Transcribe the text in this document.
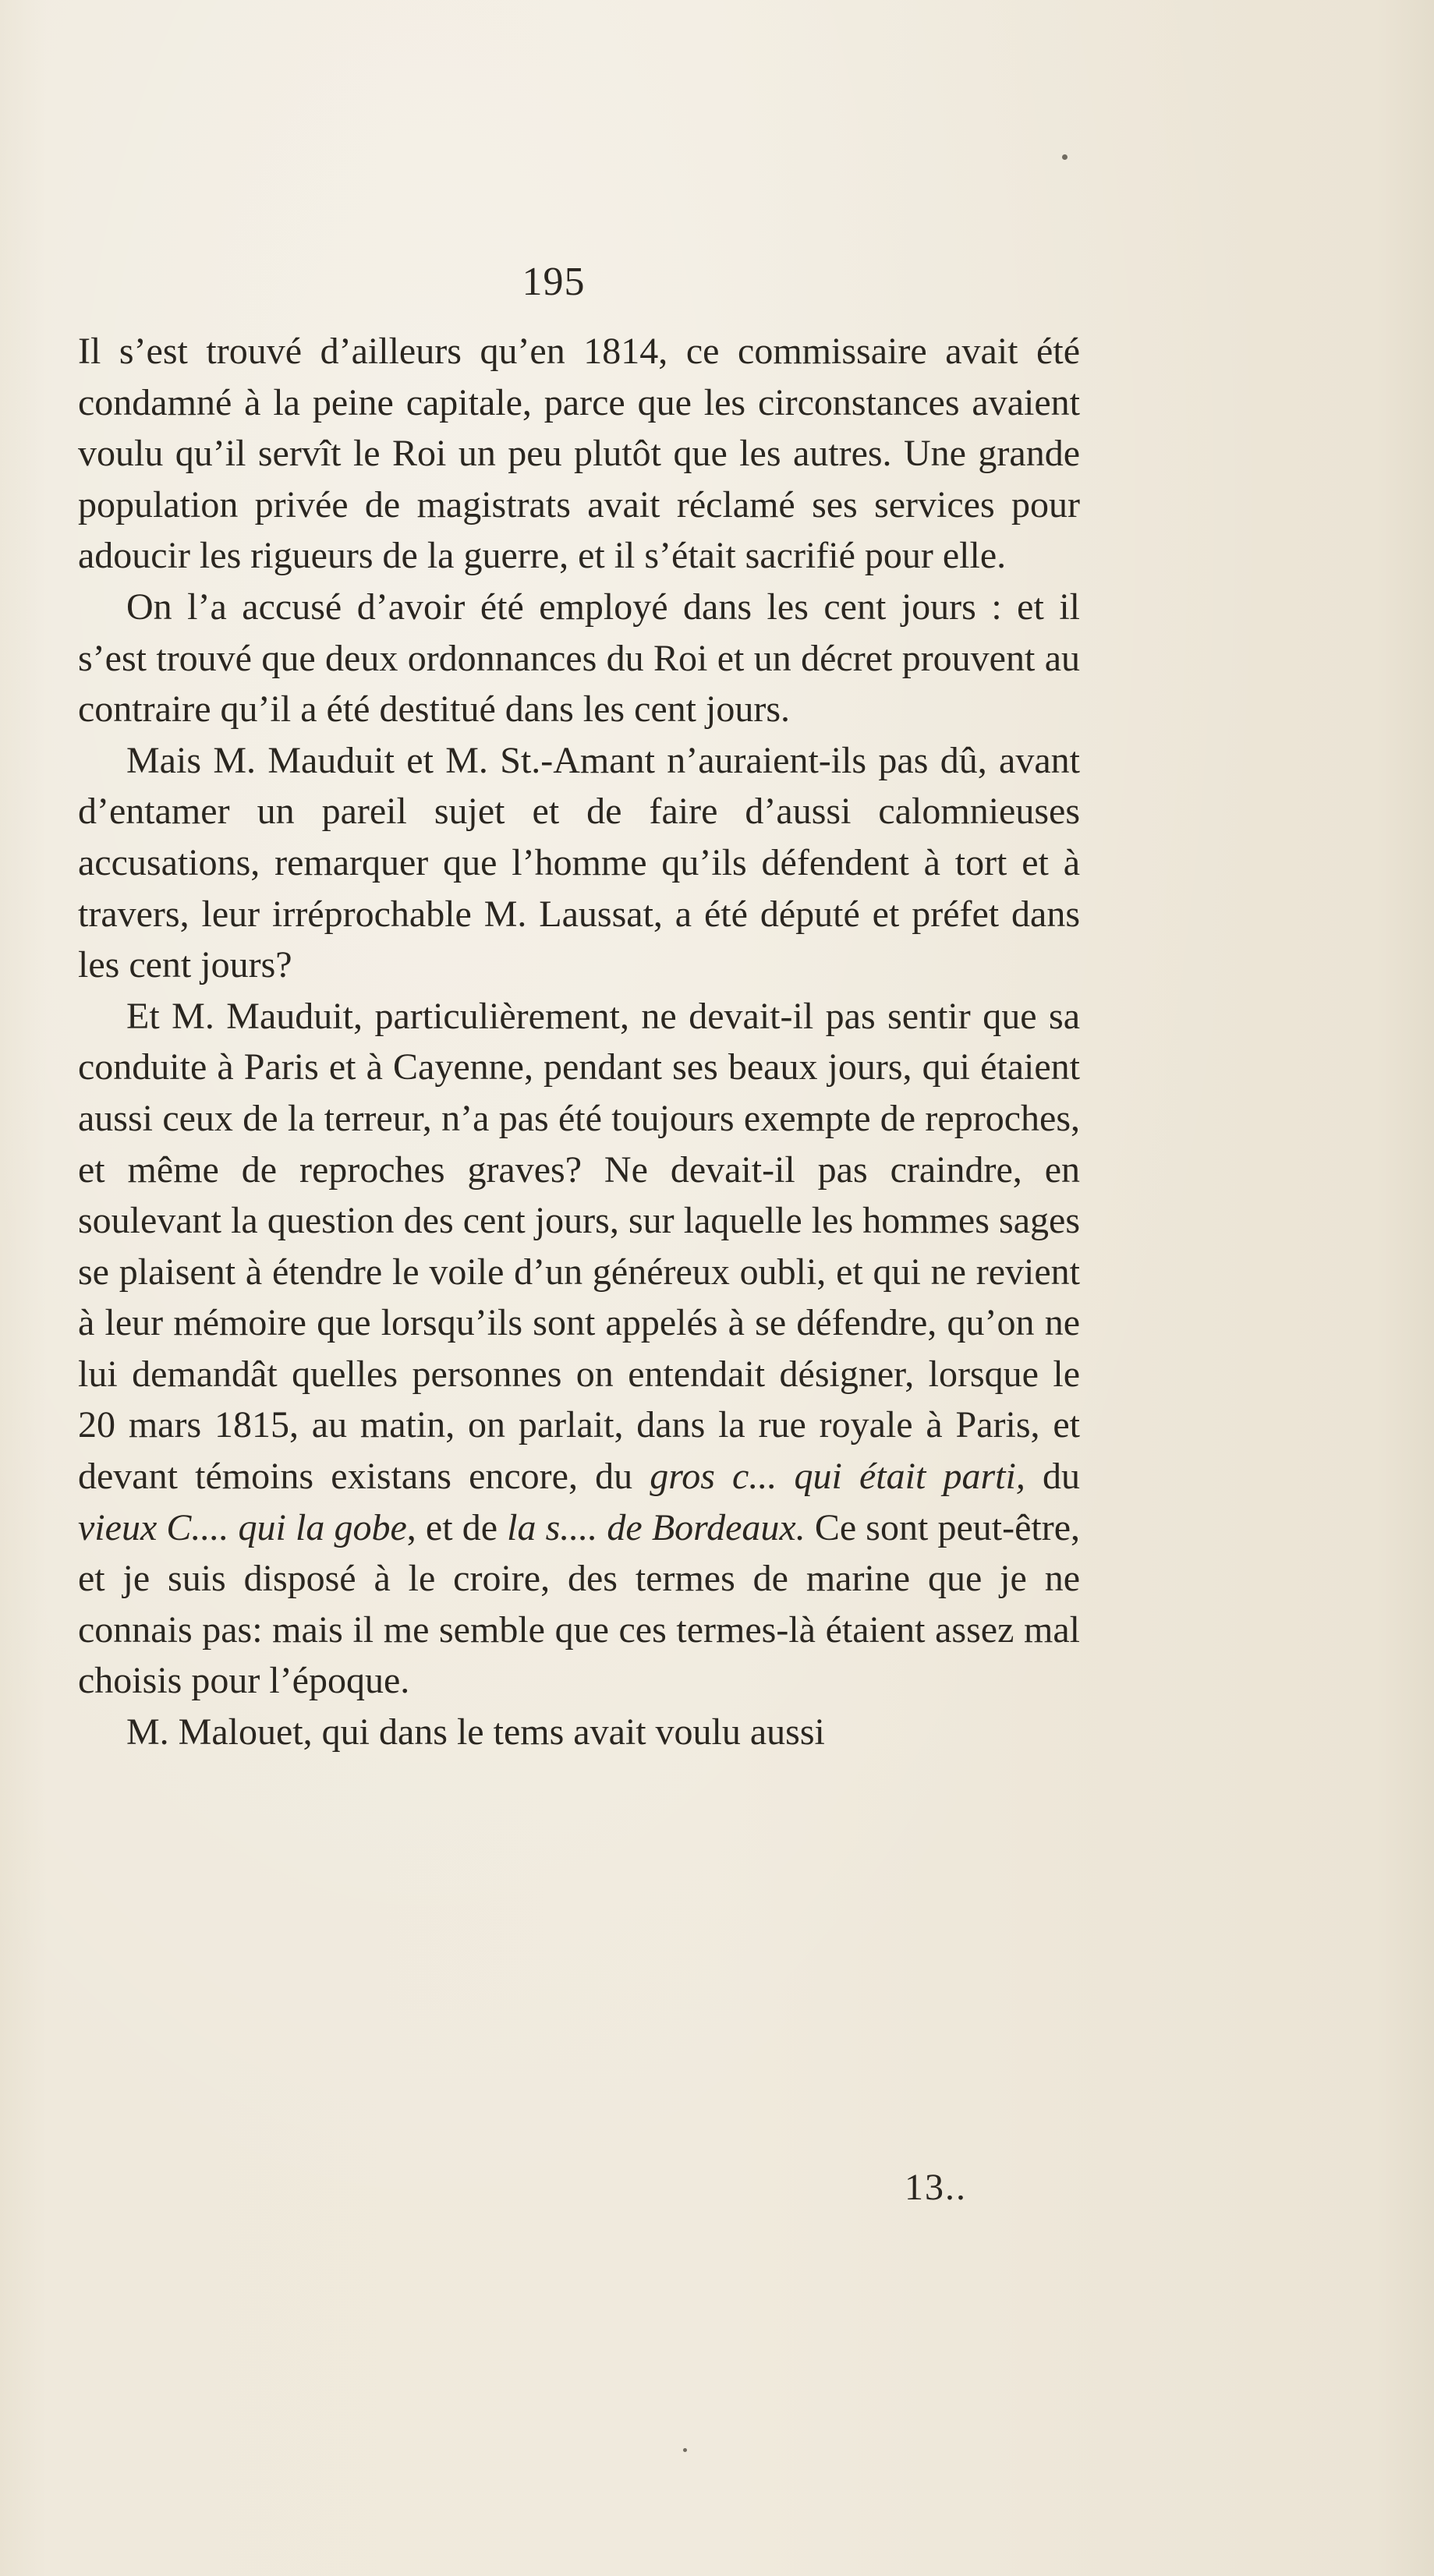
195

Il s’est trouvé d’ailleurs qu’en 1814, ce commissaire avait été condamné à la peine capitale, parce que les circonstances avaient voulu qu’il servît le Roi un peu plutôt que les autres. Une grande population privée de magistrats avait réclamé ses services pour adoucir les rigueurs de la guerre, et il s’était sacrifié pour elle.

On l’a accusé d’avoir été employé dans les cent jours : et il s’est trouvé que deux ordonnances du Roi et un décret prouvent au contraire qu’il a été destitué dans les cent jours.

Mais M. Mauduit et M. St.-Amant n’auraient-ils pas dû, avant d’entamer un pareil sujet et de faire d’aussi calomnieuses accusations, remarquer que l’homme qu’ils défendent à tort et à travers, leur irréprochable M. Laussat, a été député et préfet dans les cent jours?

Et M. Mauduit, particulièrement, ne devait-il pas sentir que sa conduite à Paris et à Cayenne, pendant ses beaux jours, qui étaient aussi ceux de la terreur, n’a pas été toujours exempte de reproches, et même de reproches graves? Ne devait-il pas craindre, en soulevant la question des cent jours, sur laquelle les hommes sages se plaisent à étendre le voile d’un généreux oubli, et qui ne revient à leur mémoire que lorsqu’ils sont appelés à se défendre, qu’on ne lui demandât quelles personnes on entendait désigner, lorsque le 20 mars 1815, au matin, on parlait, dans la rue royale à Paris, et devant témoins existans encore, du gros c... qui était parti, du vieux C.... qui la gobe, et de la s.... de Bordeaux. Ce sont peut-être, et je suis disposé à le croire, des termes de marine que je ne connais pas: mais il me semble que ces termes-là étaient assez mal choisis pour l’époque.

M. Malouet, qui dans le tems avait voulu aussi

13..
